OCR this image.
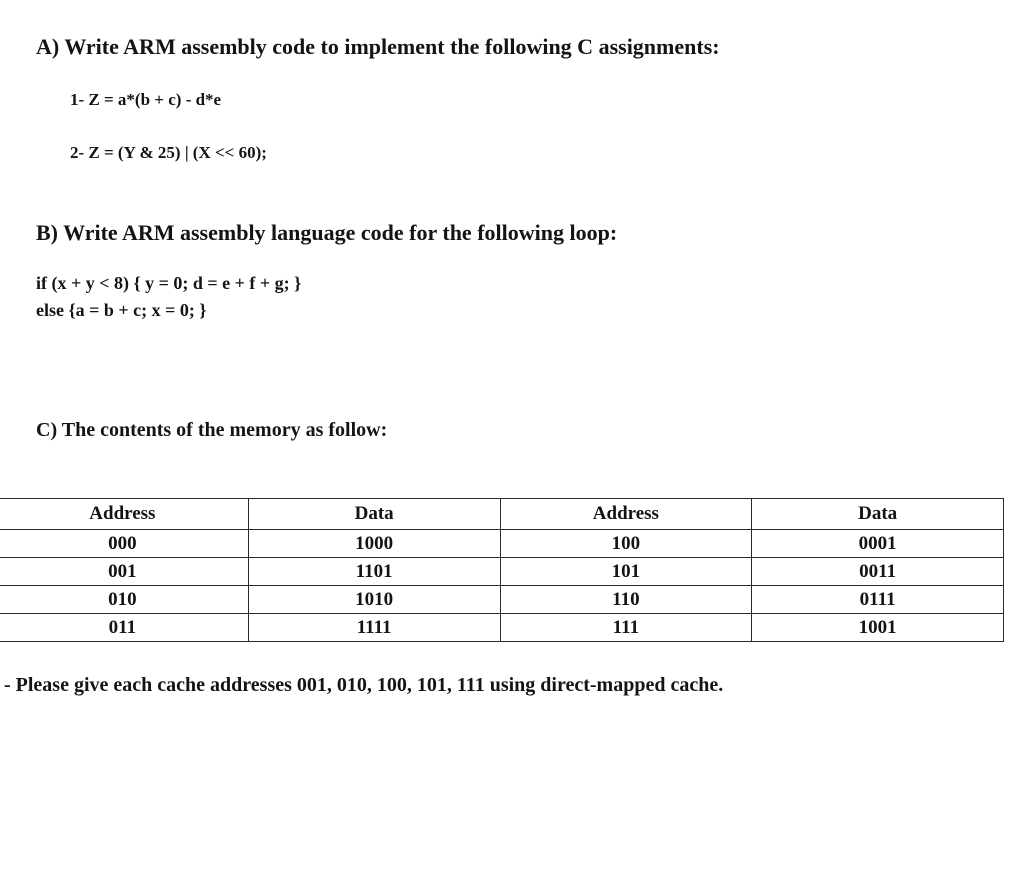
A) Write ARM assembly code to implement the following C assignments:
1- Z = a*(b + c) - d*e
2- Z = (Y & 25) | (X << 60);
B) Write ARM assembly language code for the following loop:
if (x + y < 8) { y = 0; d = e + f + g; }
else {a = b + c; x = 0; }
C) The contents of the memory as follow:
Address	Data	Address	Data
000	1000	100	0001
001	1101	101	0011
010	1010	110	0111
011	1111	111	1001
- Please give each cache addresses 001, 010, 100, 101, 111 using direct-mapped cache.
